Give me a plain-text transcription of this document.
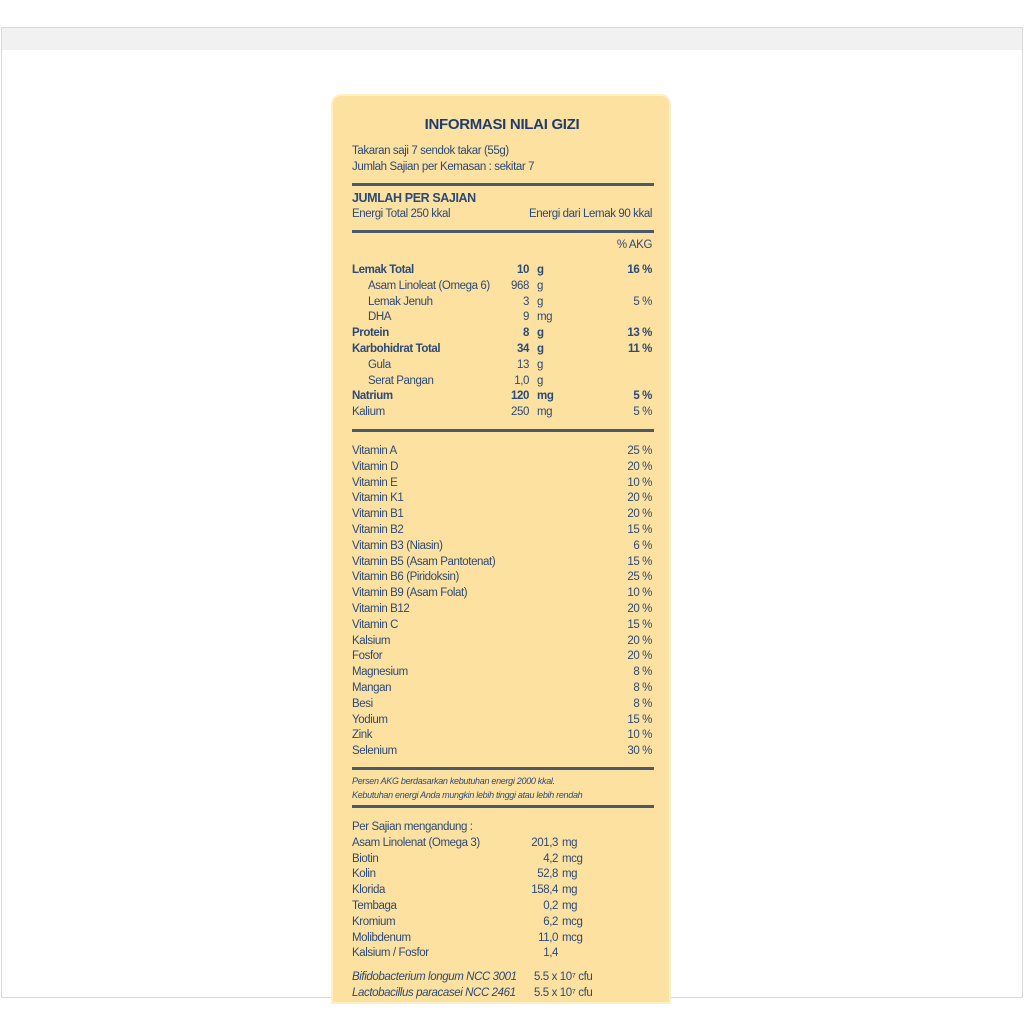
INFORMASI NILAI GIZI
Takaran saji 7 sendok takar (55g)
Jumlah Sajian per Kemasan : sekitar 7
JUMLAH PER SAJIAN
Energi Total 250 kkal	Energi dari Lemak 90 kkal
% AKG
Lemak Total	10 g	16 %
Asam Linoleat (Omega 6)	968 g
Lemak Jenuh	3 g	5 %
DHA	9 mg
Protein	8 g	13 %
Karbohidrat Total	34 g	11 %
Gula	13 g
Serat Pangan	1,0 g
Natrium	120 mg	5 %
Kalium	250 mg	5 %
Vitamin A	25 %
Vitamin D	20 %
Vitamin E	10 %
Vitamin K1	20 %
Vitamin B1	20 %
Vitamin B2	15 %
Vitamin B3 (Niasin)	6 %
Vitamin B5 (Asam Pantotenat)	15 %
Vitamin B6 (Piridoksin)	25 %
Vitamin B9 (Asam Folat)	10 %
Vitamin B12	20 %
Vitamin C	15 %
Kalsium	20 %
Fosfor	20 %
Magnesium	8 %
Mangan	8 %
Besi	8 %
Yodium	15 %
Zink	10 %
Selenium	30 %
Persen AKG berdasarkan kebutuhan energi 2000 kkal.
Kebutuhan energi Anda mungkin lebih tinggi atau lebih rendah
Per Sajian mengandung :
Asam Linolenat (Omega 3)	201,3 mg
Biotin	4,2 mcg
Kolin	52,8 mg
Klorida	158,4 mg
Tembaga	0,2 mg
Kromium	6,2 mcg
Molibdenum	11,0 mcg
Kalsium / Fosfor	1,4
Bifidobacterium longum NCC 3001	5.5 x 10⁷ cfu
Lactobacillus paracasei NCC 2461	5.5 x 10⁷ cfu
